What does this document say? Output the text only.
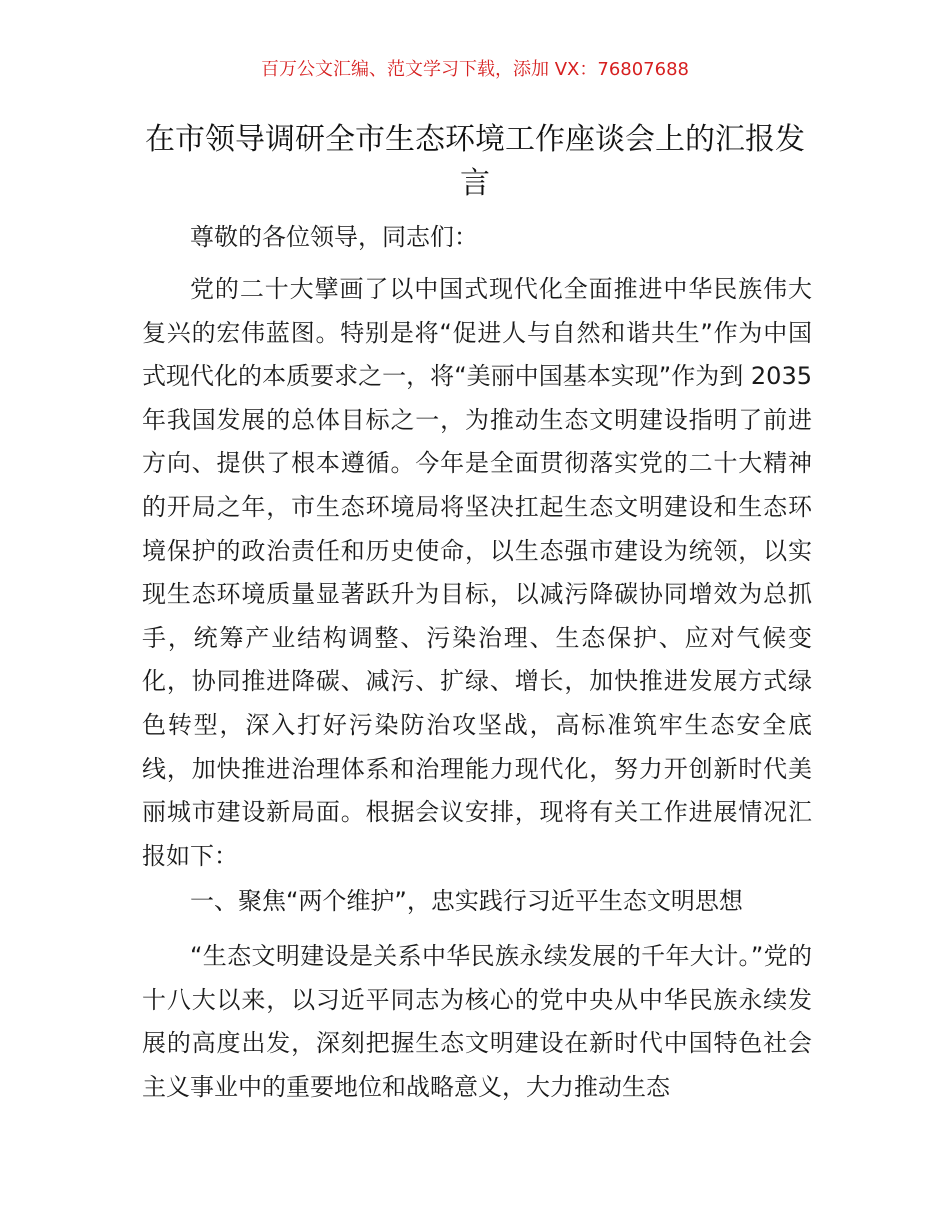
百万公文汇编、范文学习下载，添加 VX：76807688
在市领导调研全市生态环境工作座谈会上的汇报发言
尊敬的各位领导，同志们：
党的二十大擘画了以中国式现代化全面推进中华民族伟大复兴的宏伟蓝图。特别是将“促进人与自然和谐共生”作为中国式现代化的本质要求之一，将“美丽中国基本实现”作为到 2035 年我国发展的总体目标之一，为推动生态文明建设指明了前进方向、提供了根本遵循。今年是全面贯彻落实党的二十大精神的开局之年，市生态环境局将坚决扛起生态文明建设和生态环境保护的政治责任和历史使命，以生态强市建设为统领，以实现生态环境质量显著跃升为目标，以减污降碳协同增效为总抓手，统筹产业结构调整、污染治理、生态保护、应对气候变化，协同推进降碳、减污、扩绿、增长，加快推进发展方式绿色转型，深入打好污染防治攻坚战，高标准筑牢生态安全底线，加快推进治理体系和治理能力现代化，努力开创新时代美丽城市建设新局面。根据会议安排，现将有关工作进展情况汇报如下：
一、聚焦“两个维护”，忠实践行习近平生态文明思想
“生态文明建设是关系中华民族永续发展的千年大计。”党的十八大以来，以习近平同志为核心的党中央从中华民族永续发展的高度出发，深刻把握生态文明建设在新时代中国特色社会主义事业中的重要地位和战略意义，大力推动生态
